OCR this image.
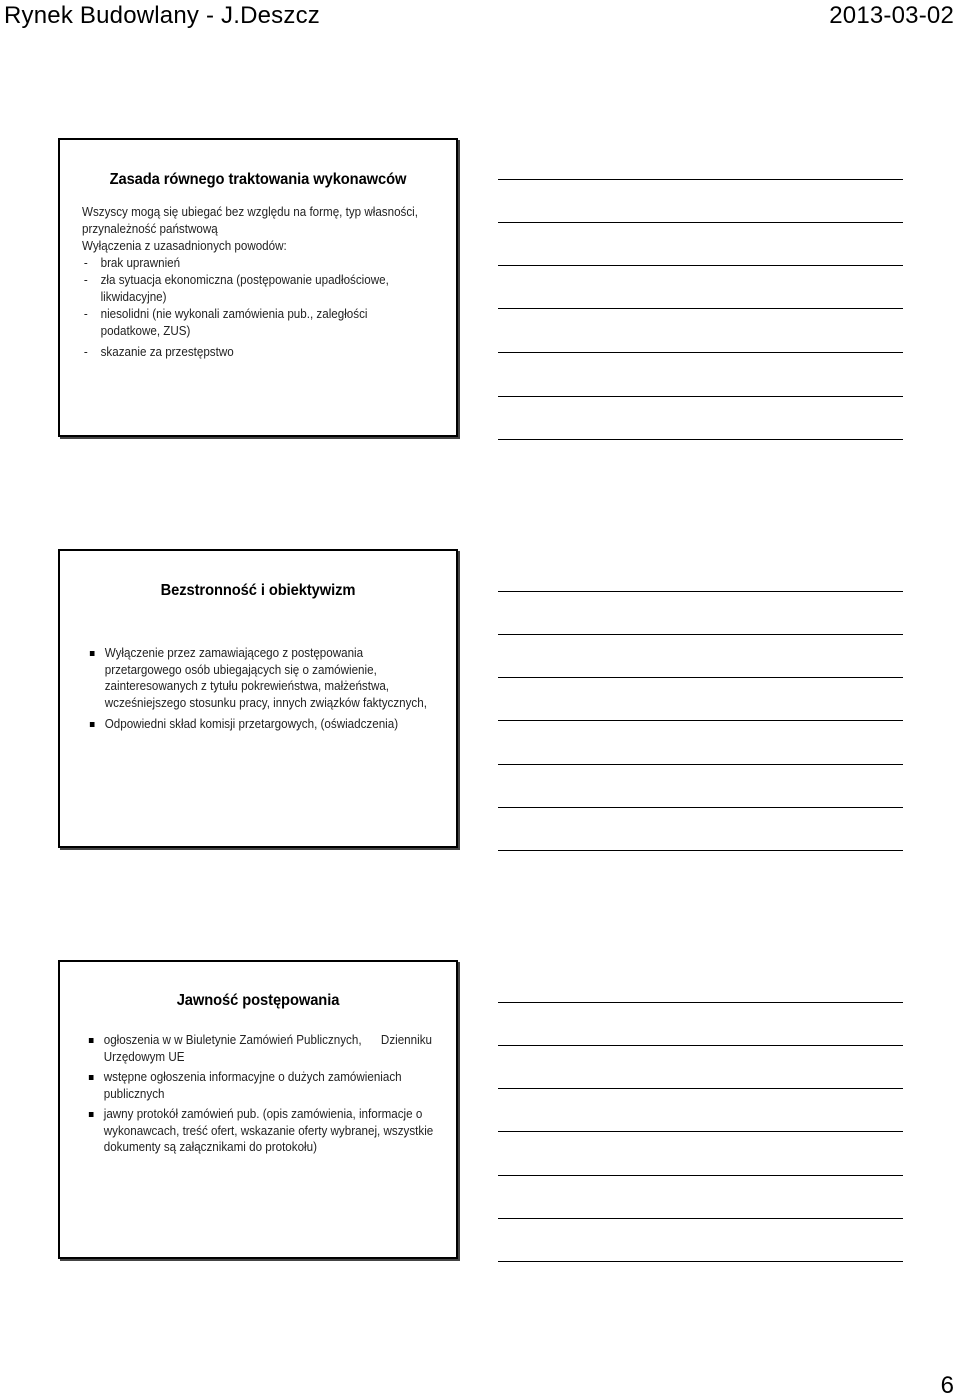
Rynek Budowlany - J.Deszcz	2013-03-02
Zasada równego traktowania wykonawców
Wszyscy mogą się ubiegać bez względu na formę, typ własności,
przynależność państwową
Wyłączenia z uzasadnionych powodów:
- brak uprawnień
- zła sytuacja ekonomiczna (postępowanie upadłościowe,
likwidacyjne)
- niesolidni (nie wykonali zamówienia pub., zaległości
podatkowe, ZUS)
- skazanie za przestępstwo
Bezstronność i obiektywizm
Wyłączenie przez zamawiającego z postępowania
przetargowego osób ubiegających się o zamówienie,
zainteresowanych z tytułu pokrewieństwa, małżeństwa,
wcześniejszego stosunku pracy, innych związków faktycznych,
Odpowiedni skład komisji przetargowych, (oświadczenia)
Jawność postępowania
ogłoszenia w w Biuletynie Zamówień Publicznych,      Dzienniku
Urzędowym UE
wstępne ogłoszenia informacyjne o dużych zamówieniach
publicznych
jawny protokół zamówień pub. (opis zamówienia, informacje o
wykonawcach, treść ofert, wskazanie oferty wybranej, wszystkie
dokumenty są załącznikami do protokołu)
6
